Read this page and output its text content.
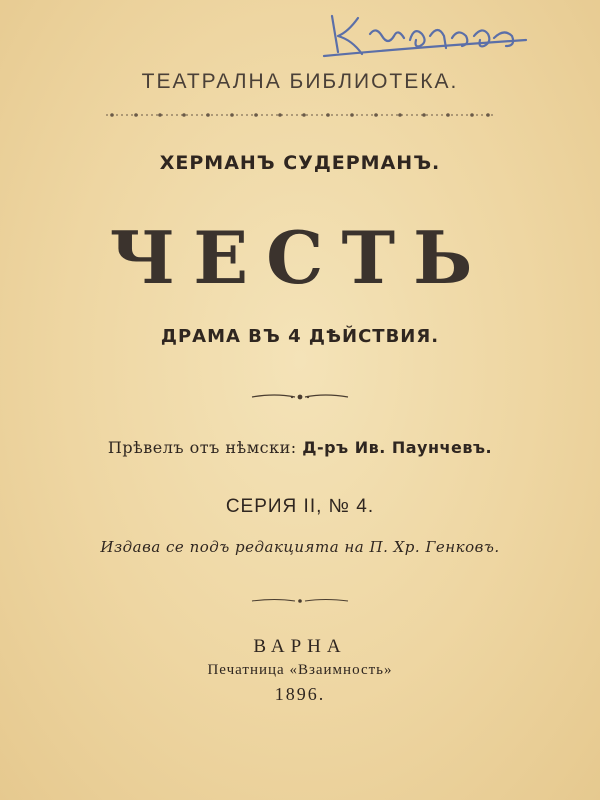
ТЕАТРАЛНА БИБЛИОТЕКА.
ХЕРМАНЪ СУДЕРМАНЪ.
ЧЕСТЬ
ДРАМА ВЪ 4 ДѢЙСТВИЯ.
Прѣвелъ отъ нѣмски: Д-ръ Ив. Паунчевъ.
СЕРИЯ II, № 4.
Издава се подъ редакцията на П. Хр. Генковъ.
ВАРНА
Печатница «Взаимность»
1896.
